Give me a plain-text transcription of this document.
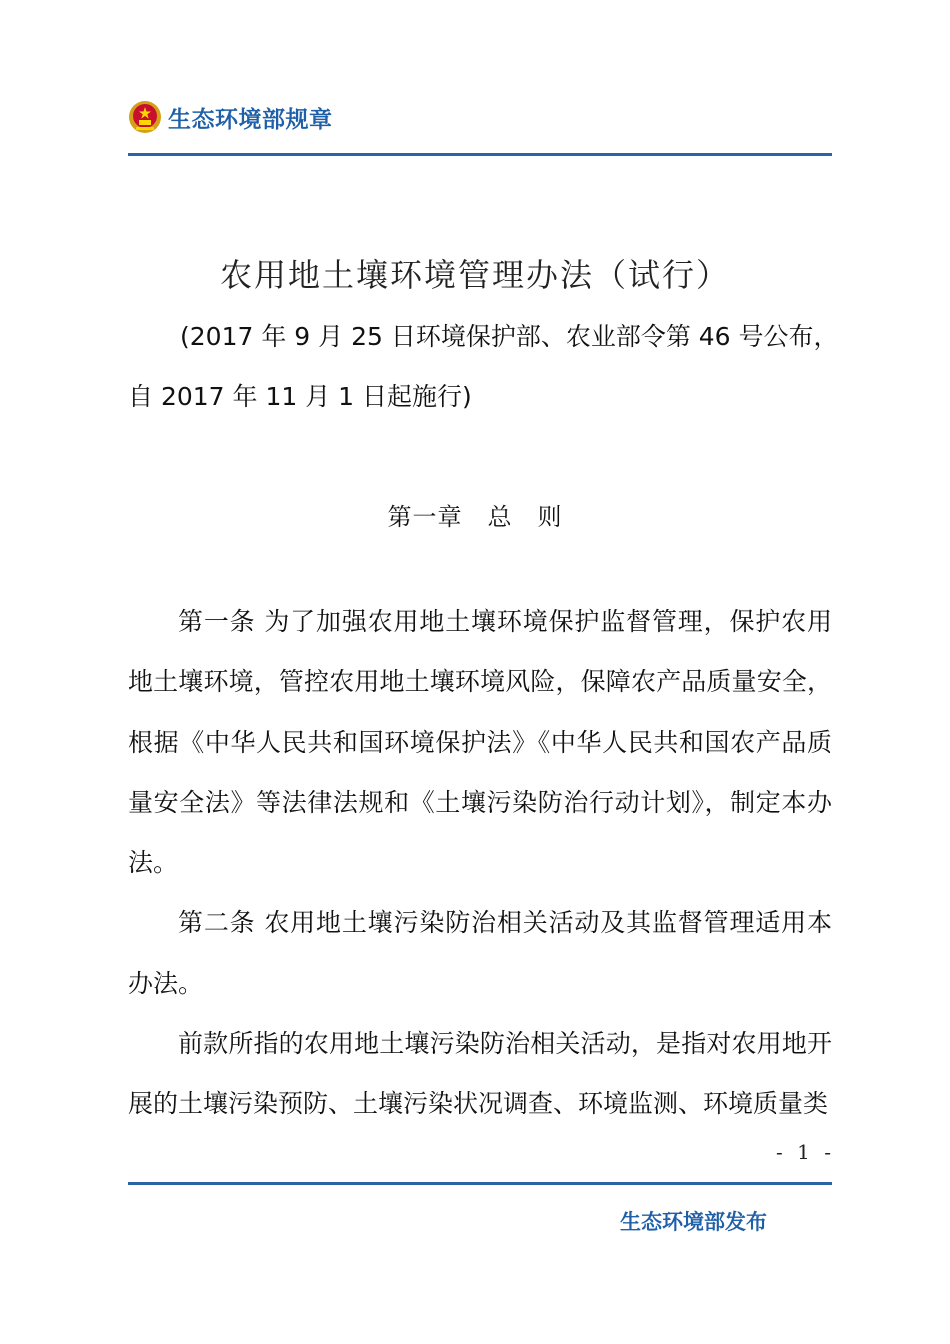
生态环境部规章
农用地土壤环境管理办法（试行）
(2017 年 9 月 25 日环境保护部、农业部令第 46 号公布，
自 2017 年 11 月 1 日起施行)
第一章　总　则

第一条 为了加强农用地土壤环境保护监督管理，保护农用地土壤环境，管控农用地土壤环境风险，保障农产品质量安全，根据《中华人民共和国环境保护法》《中华人民共和国农产品质量安全法》等法律法规和《土壤污染防治行动计划》，制定本办法。

第二条 农用地土壤污染防治相关活动及其监督管理适用本办法。

前款所指的农用地土壤污染防治相关活动，是指对农用地开展的土壤污染预防、土壤污染状况调查、环境监测、环境质量类

- 1 -
生态环境部发布
